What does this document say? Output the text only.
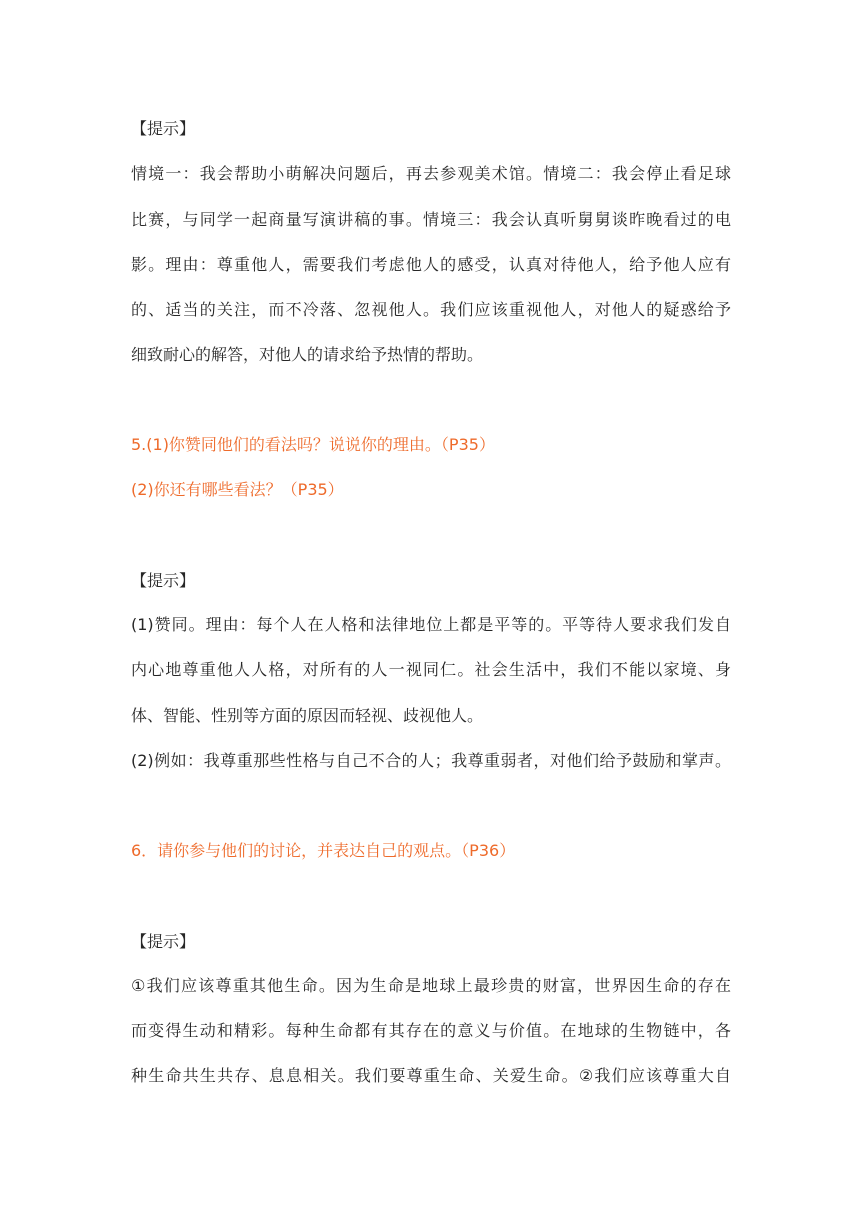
【提示】
情境一：我会帮助小萌解决问题后，再去参观美术馆。情境二：我会停止看足球
比赛，与同学一起商量写演讲稿的事。情境三：我会认真听舅舅谈昨晚看过的电
影。理由：尊重他人，需要我们考虑他人的感受，认真对待他人，给予他人应有
的、适当的关注，而不冷落、忽视他人。我们应该重视他人，对他人的疑惑给予
细致耐心的解答，对他人的请求给予热情的帮助。
5.(1)你赞同他们的看法吗？说说你的理由。（P35）
(2)你还有哪些看法？（P35）
【提示】
(1)赞同。理由：每个人在人格和法律地位上都是平等的。平等待人要求我们发自
内心地尊重他人人格，对所有的人一视同仁。社会生活中，我们不能以家境、身
体、智能、性别等方面的原因而轻视、歧视他人。
(2)例如：我尊重那些性格与自己不合的人；我尊重弱者，对他们给予鼓励和掌声。
6．请你参与他们的讨论，并表达自己的观点。（P36）
【提示】
①我们应该尊重其他生命。因为生命是地球上最珍贵的财富，世界因生命的存在
而变得生动和精彩。每种生命都有其存在的意义与价值。在地球的生物链中，各
种生命共生共存、息息相关。我们要尊重生命、关爱生命。②我们应该尊重大自
